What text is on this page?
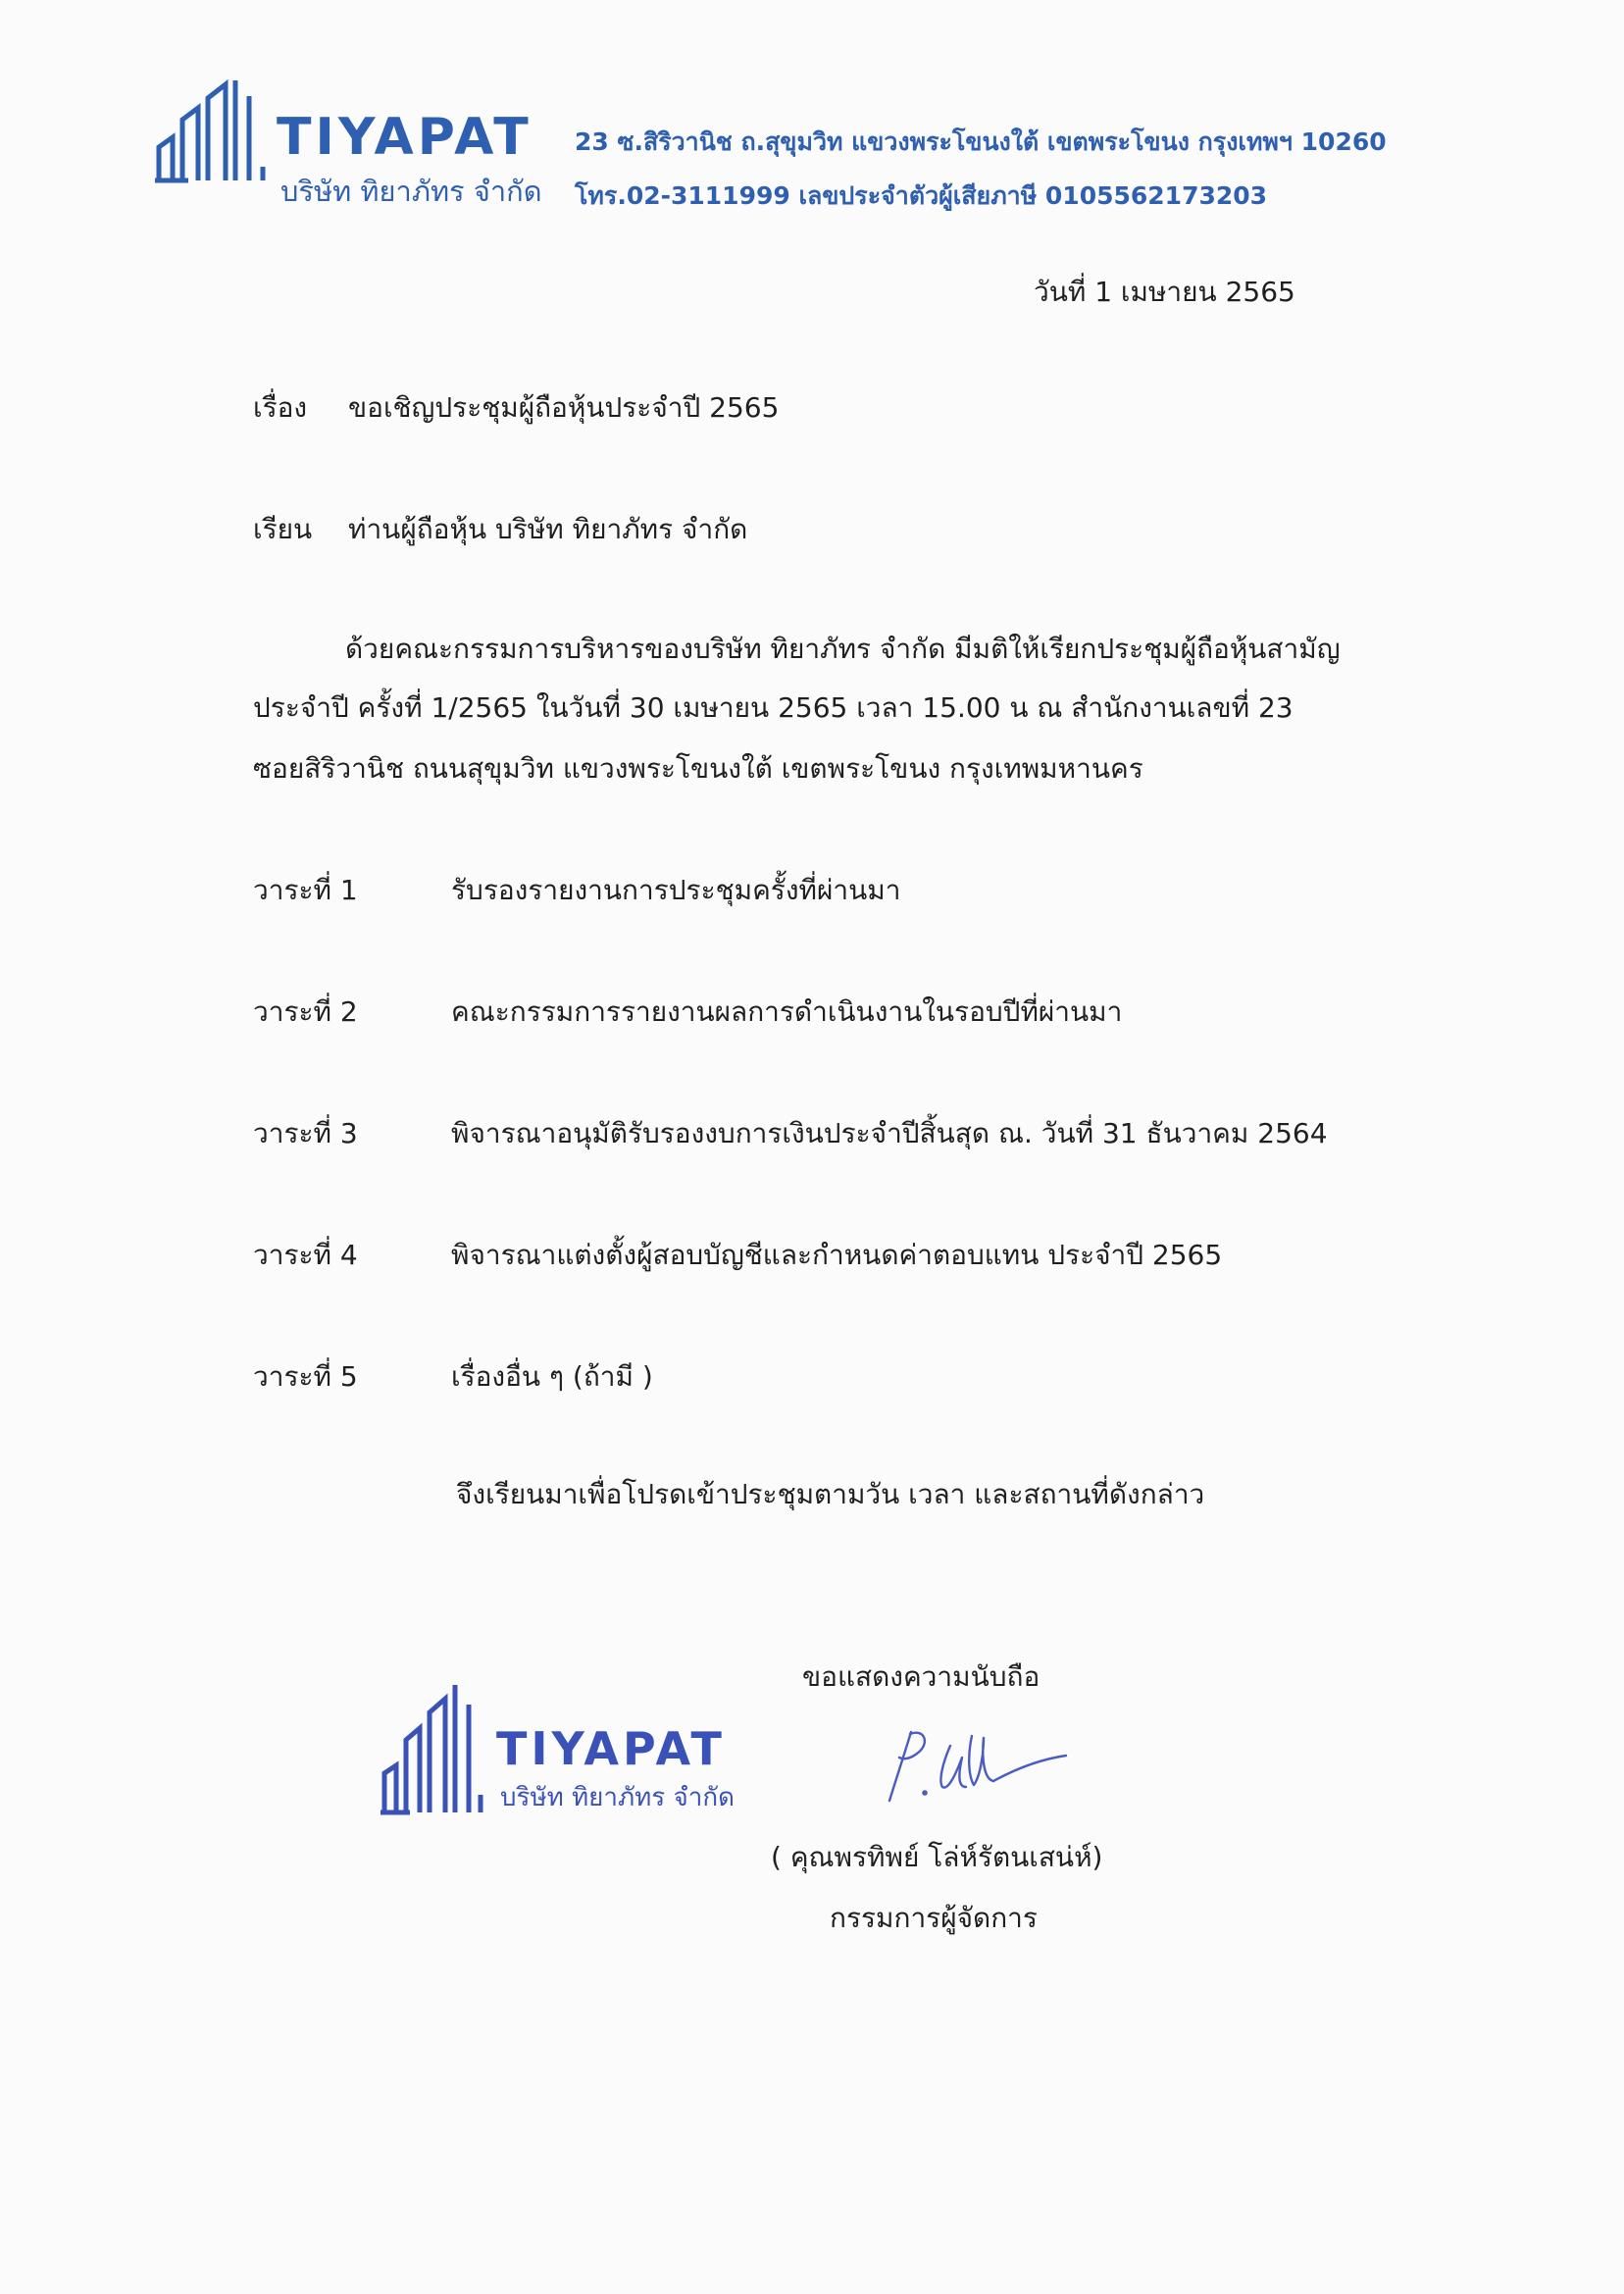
TIYAPAT
บริษัท ทิยาภัทร จำกัด
23 ซ.สิริวานิช ถ.สุขุมวิท แขวงพระโขนงใต้ เขตพระโขนง กรุงเทพฯ 10260
โทร.02-3111999 เลขประจำตัวผู้เสียภาษี 0105562173203
วันที่ 1 เมษายน 2565
เรื่อง ขอเชิญประชุมผู้ถือหุ้นประจำปี 2565
เรียน ท่านผู้ถือหุ้น บริษัท ทิยาภัทร จำกัด
ด้วยคณะกรรมการบริหารของบริษัท ทิยาภัทร จำกัด มีมติให้เรียกประชุมผู้ถือหุ้นสามัญ
ประจำปี ครั้งที่ 1/2565 ในวันที่ 30 เมษายน 2565 เวลา 15.00 น ณ สำนักงานเลขที่ 23
ซอยสิริวานิช ถนนสุขุมวิท แขวงพระโขนงใต้ เขตพระโขนง กรุงเทพมหานคร
วาระที่ 1	รับรองรายงานการประชุมครั้งที่ผ่านมา
วาระที่ 2	คณะกรรมการรายงานผลการดำเนินงานในรอบปีที่ผ่านมา
วาระที่ 3	พิจารณาอนุมัติรับรองงบการเงินประจำปีสิ้นสุด ณ. วันที่ 31 ธันวาคม 2564
วาระที่ 4	พิจารณาแต่งตั้งผู้สอบบัญชีและกำหนดค่าตอบแทน ประจำปี 2565
วาระที่ 5	เรื่องอื่น ๆ (ถ้ามี )
จึงเรียนมาเพื่อโปรดเข้าประชุมตามวัน เวลา และสถานที่ดังกล่าว
ขอแสดงความนับถือ
TIYAPAT
บริษัท ทิยาภัทร จำกัด
( คุณพรทิพย์ โล่ห์รัตนเสน่ห์)
กรรมการผู้จัดการ
